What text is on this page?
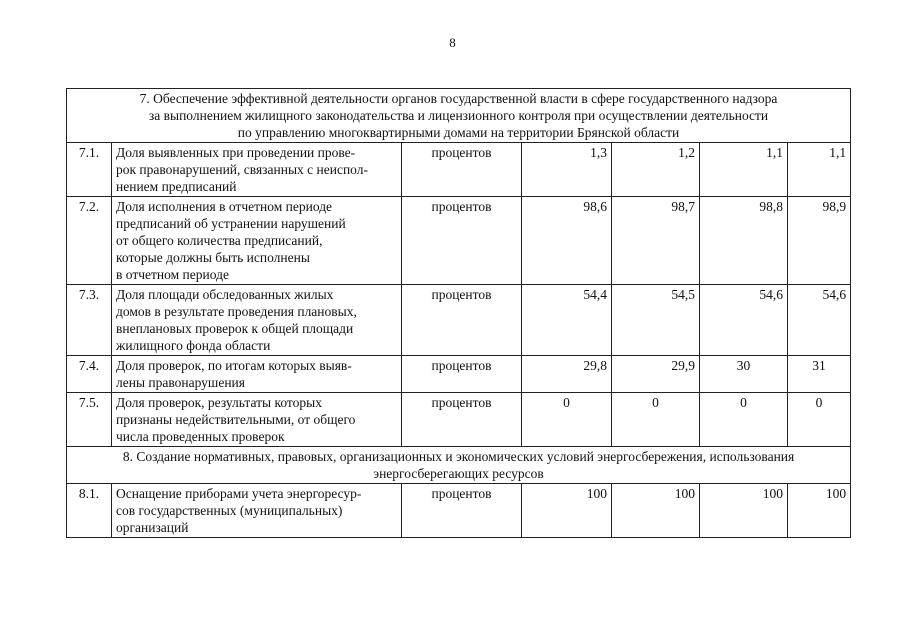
8
7. Обеспечение эффективной деятельности органов государственной власти в сфере государственного надзора
за выполнением жилищного законодательства и лицензионного контроля при осуществлении деятельности
по управлению многоквартирными домами на территории Брянской области						

7.1.	Доля выявленных при проведении прове-
рок правонарушений, связанных с неиспол-
нением предписаний	процентов	1,3	1,2	1,1	1,1
7.2.	Доля исполнения в отчетном периоде
предписаний об устранении нарушений
от общего количества предписаний,
которые должны быть исполнены
в отчетном периоде	процентов	98,6	98,7	98,8	98,9
7.3.	Доля площади обследованных жилых
домов в результате проведения плановых,
внеплановых проверок к общей площади
жилищного фонда области	процентов	54,4	54,5	54,6	54,6
7.4.	Доля проверок, по итогам которых выяв-
лены правонарушения	процентов	29,8	29,9	30	31
7.5.	Доля проверок, результаты которых
признаны недействительными, от общего
числа проведенных проверок	процентов	0	0	0	0

8. Создание нормативных, правовых, организационных и экономических условий энергосбережения, использования
энергосберегающих ресурсов						

8.1.	Оснащение приборами учета энергоресур-
сов государственных (муниципальных)
организаций	процентов	100	100	100	100
